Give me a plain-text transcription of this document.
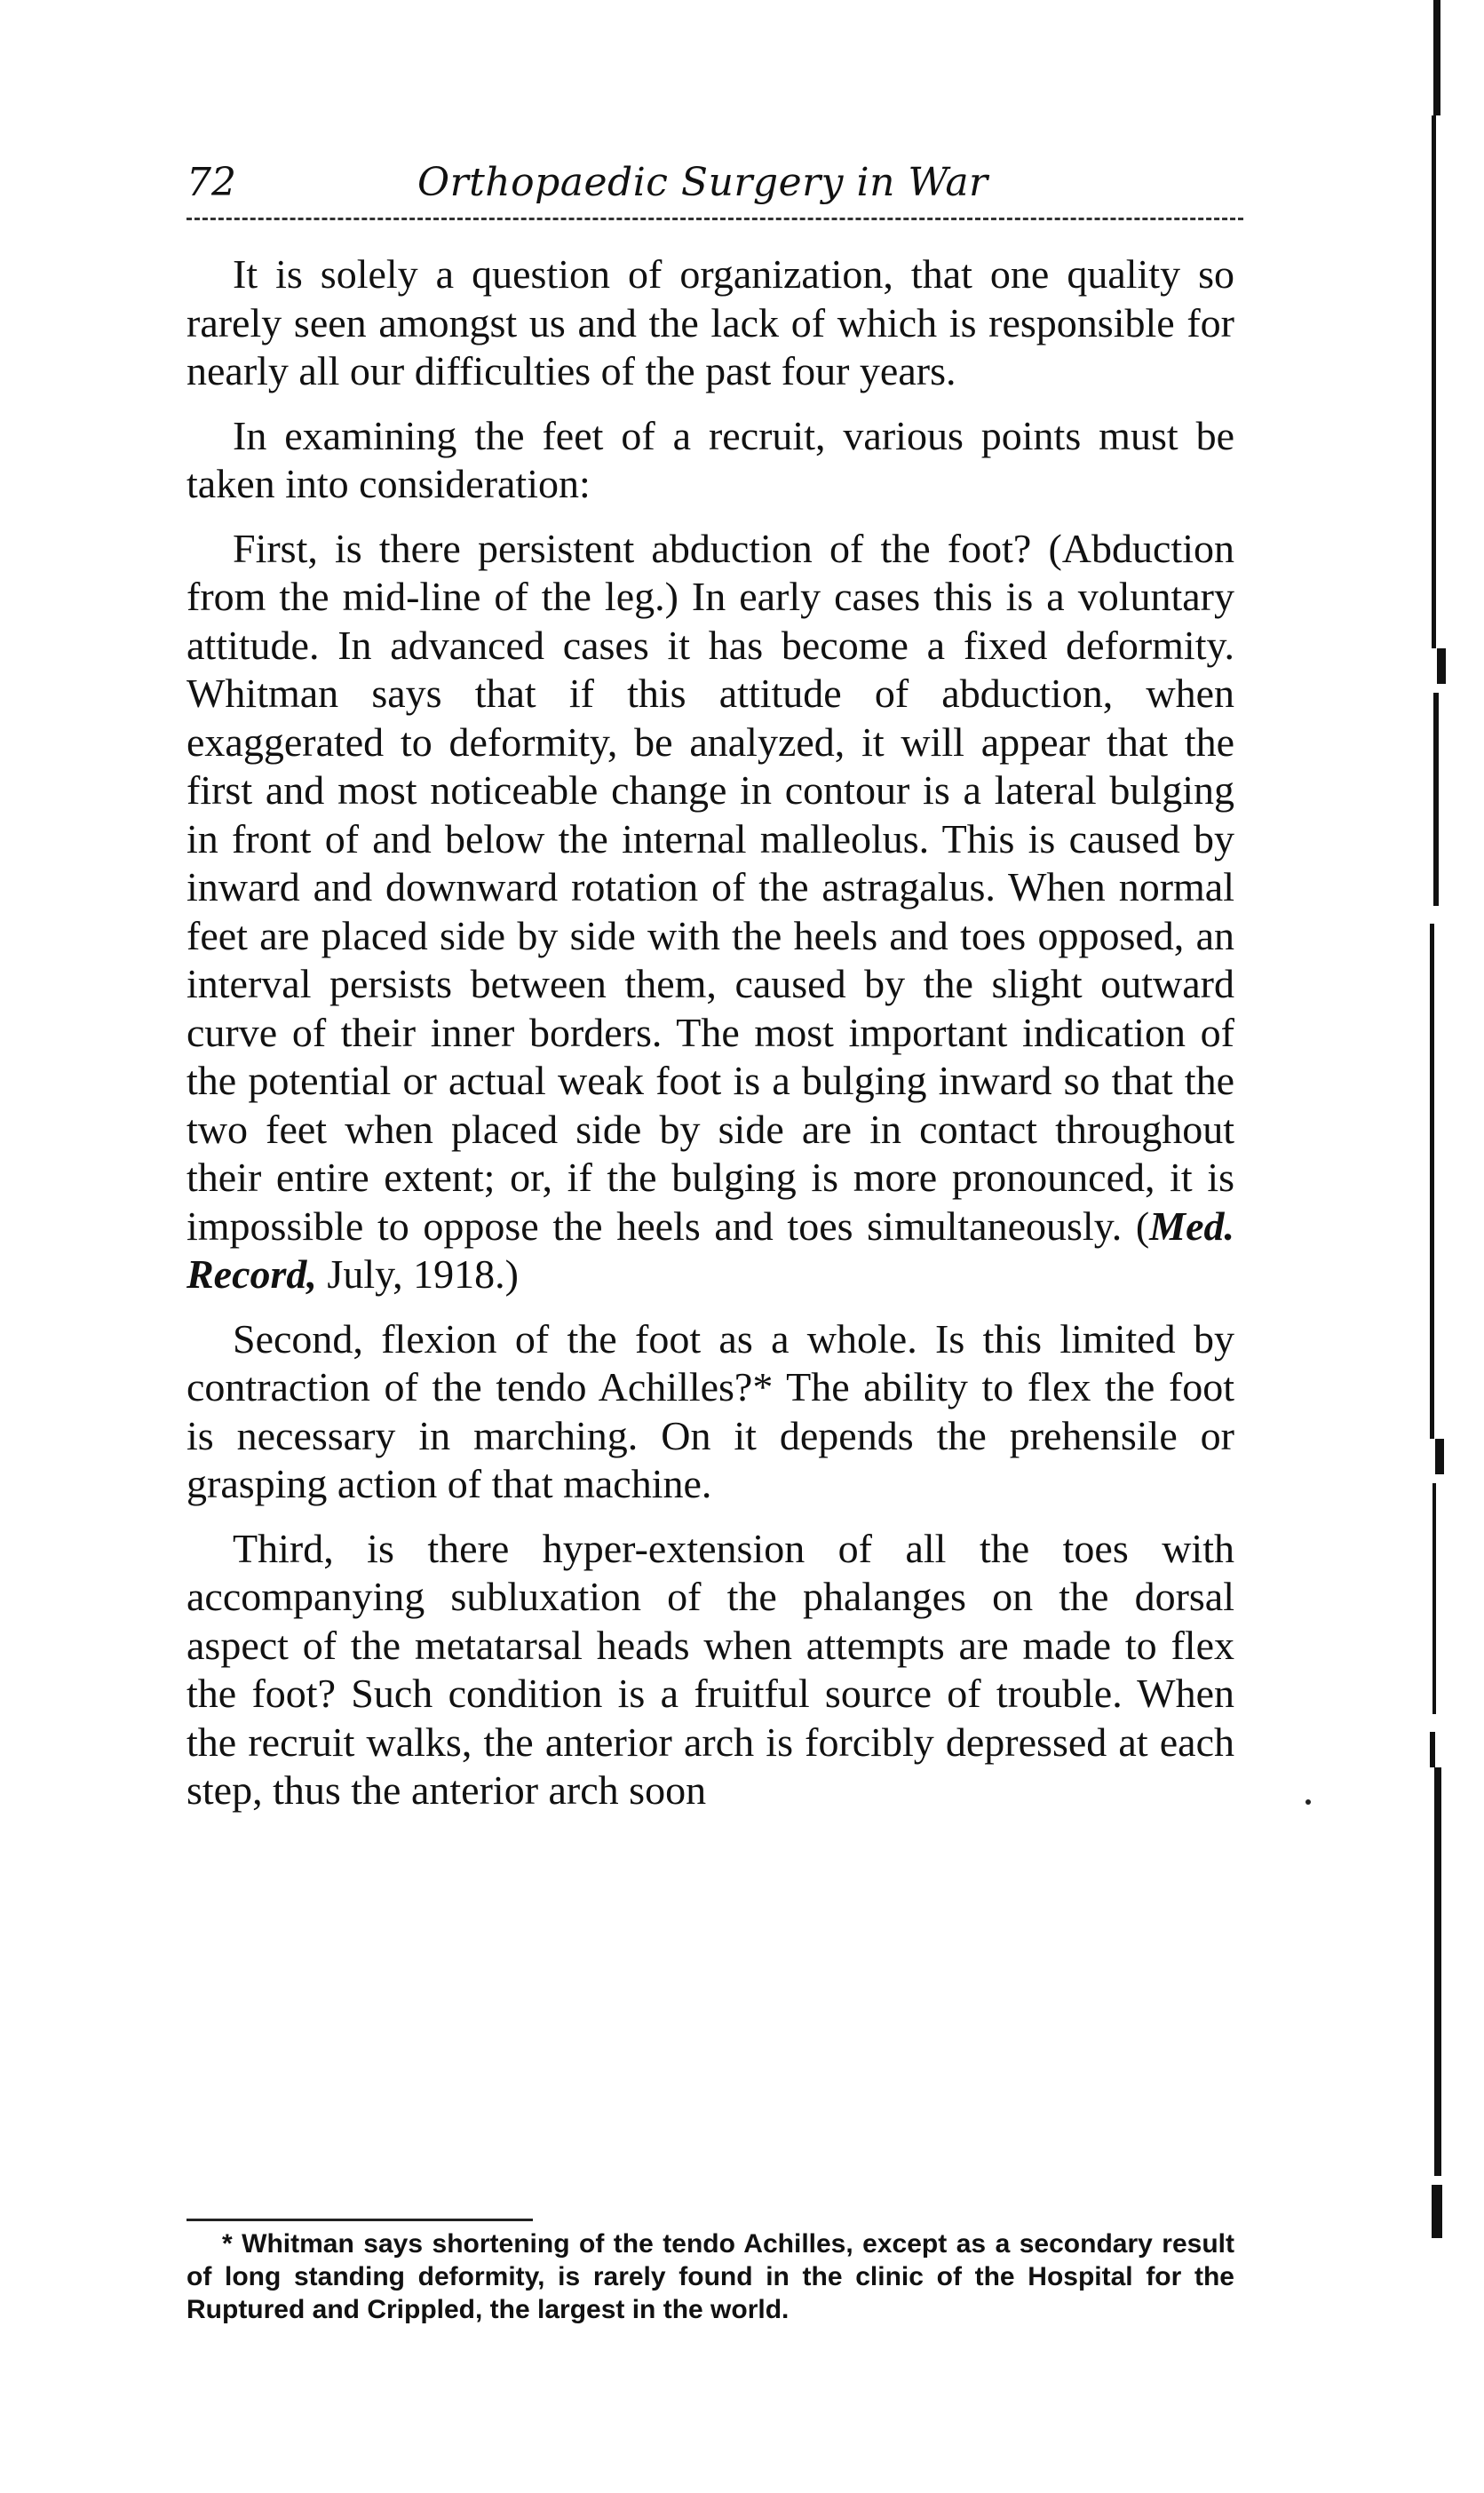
72	Orthopaedic Surgery in War

It is solely a question of organization, that one quality so rarely seen amongst us and the lack of which is responsible for nearly all our difficulties of the past four years.

In examining the feet of a recruit, various points must be taken into consideration:

First, is there persistent abduction of the foot? (Abduction from the mid-line of the leg.) In early cases this is a voluntary attitude. In advanced cases it has become a fixed deformity. Whitman says that if this attitude of abduction, when exaggerated to deformity, be analyzed, it will appear that the first and most noticeable change in contour is a lateral bulging in front of and below the internal malleolus. This is caused by inward and downward rotation of the astragalus. When normal feet are placed side by side with the heels and toes opposed, an interval persists between them, caused by the slight outward curve of their inner borders. The most important indication of the potential or actual weak foot is a bulging inward so that the two feet when placed side by side are in contact throughout their entire extent; or, if the bulging is more pronounced, it is impossible to oppose the heels and toes simultaneously. (Med. Record, July, 1918.)

Second, flexion of the foot as a whole. Is this limited by contraction of the tendo Achilles?* The ability to flex the foot is necessary in marching. On it depends the prehensile or grasping action of that machine.

Third, is there hyper-extension of all the toes with accompanying subluxation of the phalanges on the dorsal aspect of the metatarsal heads when attempts are made to flex the foot? Such condition is a fruitful source of trouble. When the recruit walks, the anterior arch is forcibly depressed at each step, thus the anterior arch soon

* Whitman says shortening of the tendo Achilles, except as a secondary result of long standing deformity, is rarely found in the clinic of the Hospital for the Ruptured and Crippled, the largest in the world.
